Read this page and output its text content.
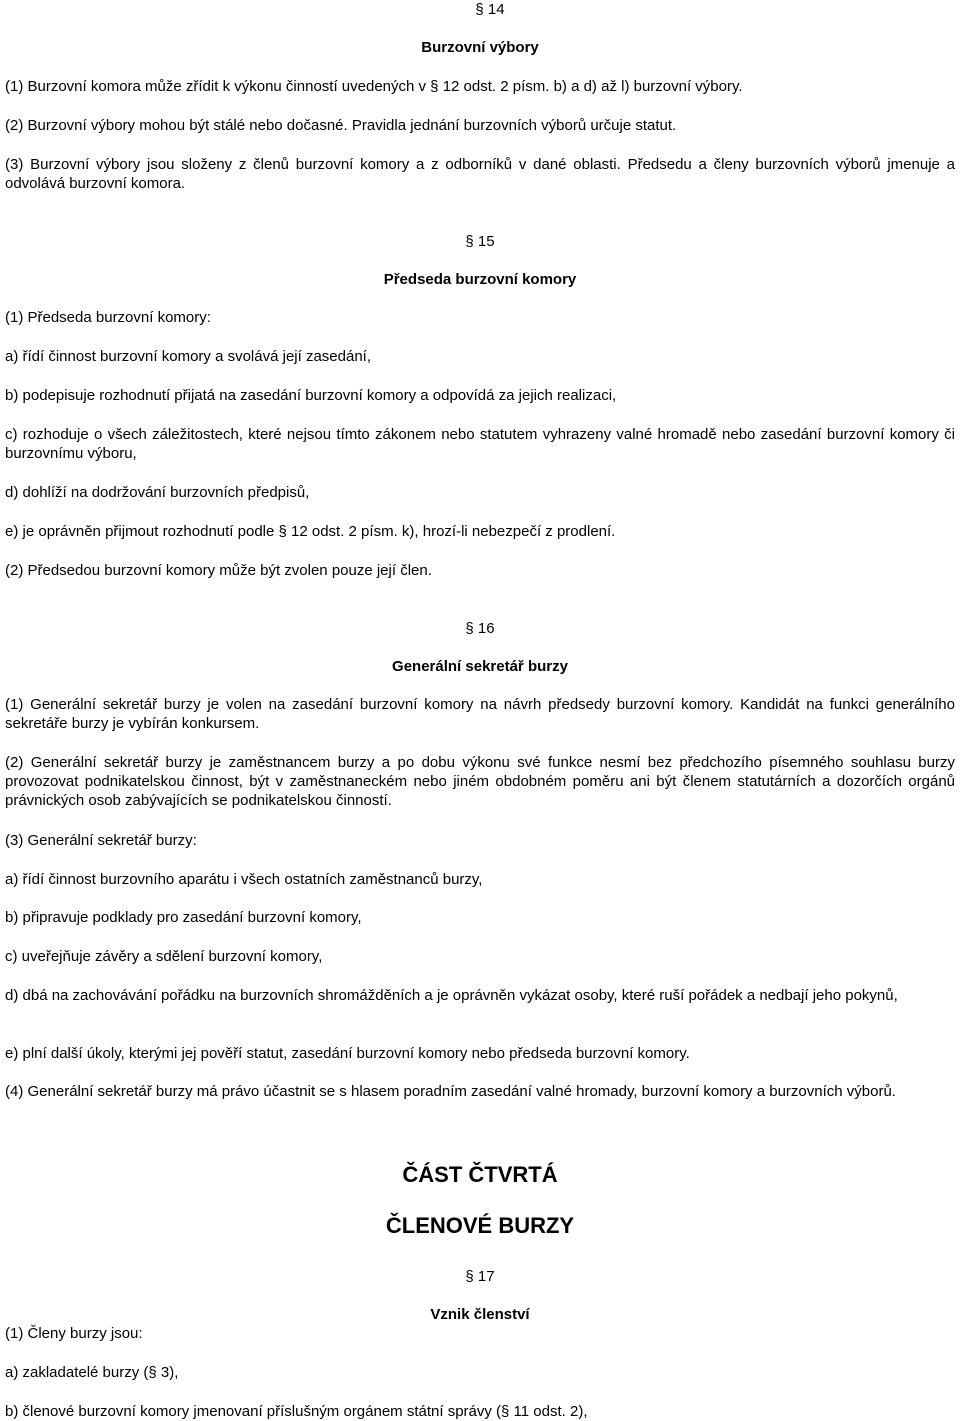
§ 14
Burzovní výbory
(1) Burzovní komora může zřídit k výkonu činností uvedených v § 12 odst. 2 písm. b) a d) až l) burzovní výbory.
(2) Burzovní výbory mohou být stálé nebo dočasné. Pravidla jednání burzovních výborů určuje statut.
(3) Burzovní výbory jsou složeny z členů burzovní komory a z odborníků v dané oblasti. Předsedu a členy burzovních výborů jmenuje a odvolává burzovní komora.
§ 15
Předseda burzovní komory
(1) Předseda burzovní komory:
a) řídí činnost burzovní komory a svolává její zasedání,
b) podepisuje rozhodnutí přijatá na zasedání burzovní komory a odpovídá za jejich realizaci,
c) rozhoduje o všech záležitostech, které nejsou tímto zákonem nebo statutem vyhrazeny valné hromadě nebo zasedání burzovní komory či burzovnímu výboru,
d) dohlíží na dodržování burzovních předpisů,
e) je oprávněn přijmout rozhodnutí podle § 12 odst. 2 písm. k), hrozí-li nebezpečí z prodlení.
(2) Předsedou burzovní komory může být zvolen pouze její člen.
§ 16
Generální sekretář burzy
(1) Generální sekretář burzy je volen na zasedání burzovní komory na návrh předsedy burzovní komory. Kandidát na funkci generálního sekretáře burzy je vybírán konkursem.
(2) Generální sekretář burzy je zaměstnancem burzy a po dobu výkonu své funkce nesmí bez předchozího písemného souhlasu burzy provozovat podnikatelskou činnost, být v zaměstnaneckém nebo jiném obdobném poměru ani být členem statutárních a dozorčích orgánů právnických osob zabývajících se podnikatelskou činností.
(3) Generální sekretář burzy:
a) řídí činnost burzovního aparátu i všech ostatních zaměstnanců burzy,
b) připravuje podklady pro zasedání burzovní komory,
c) uveřejňuje závěry a sdělení burzovní komory,
d) dbá na zachovávání pořádku na burzovních shromážděních a je oprávněn vykázat osoby, které ruší pořádek a nedbají jeho pokynů,
e) plní další úkoly, kterými jej pověří statut, zasedání burzovní komory nebo předseda burzovní komory.
(4) Generální sekretář burzy má právo účastnit se s hlasem poradním zasedání valné hromady, burzovní komory a burzovních výborů.
ČÁST ČTVRTÁ
ČLENOVÉ BURZY
§ 17
Vznik členství
(1) Členy burzy jsou:
a) zakladatelé burzy (§ 3),
b) členové burzovní komory jmenovaní příslušným orgánem státní správy (§ 11 odst. 2),
